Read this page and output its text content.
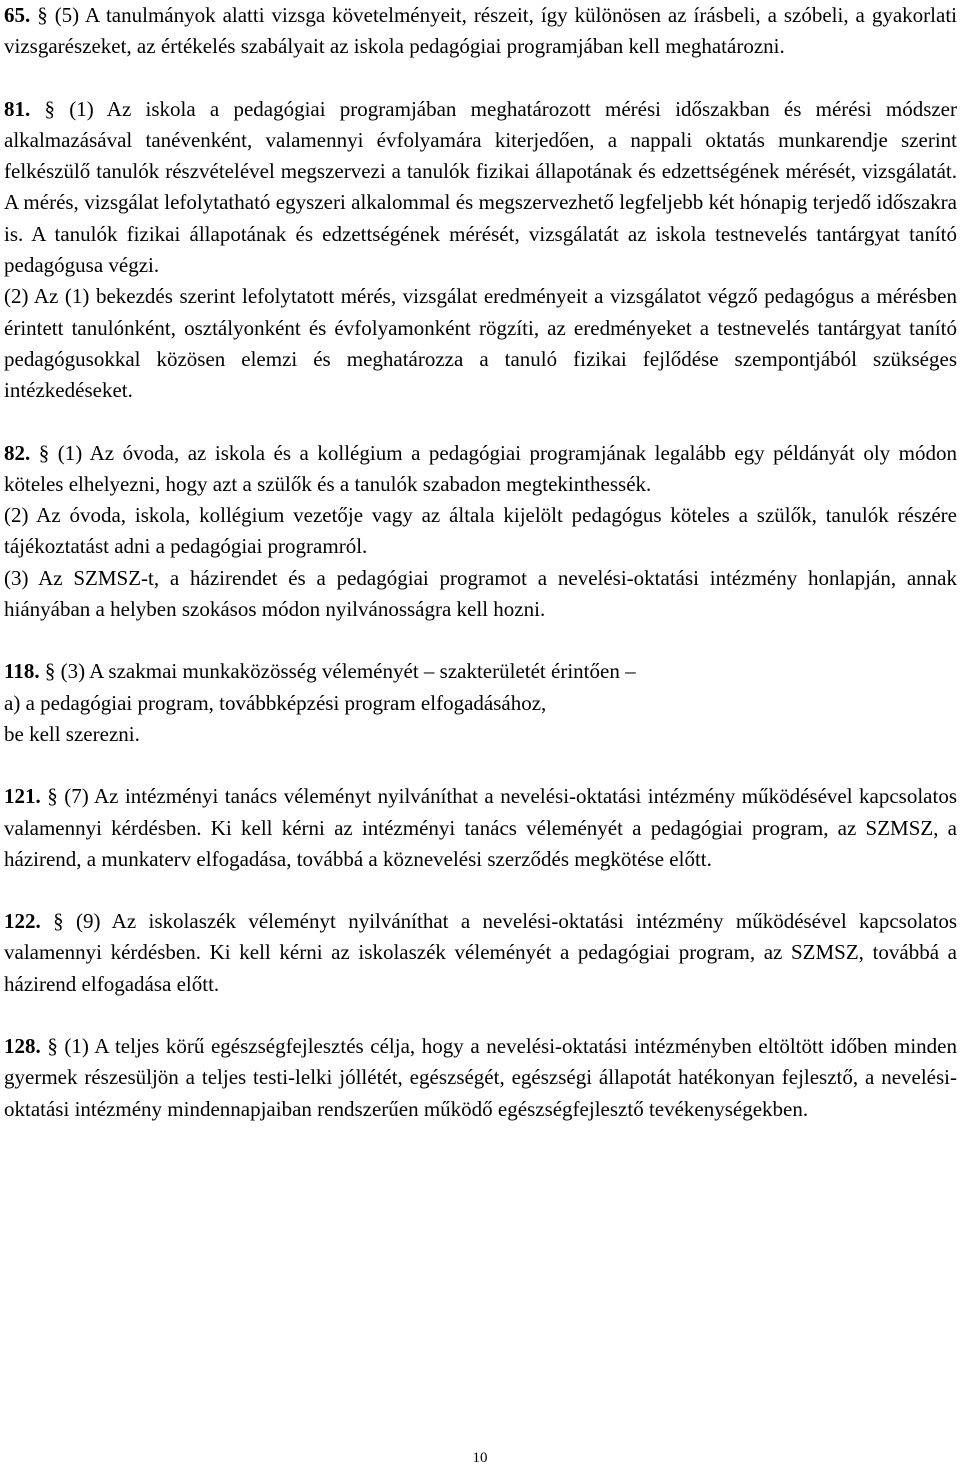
65. § (5) A tanulmányok alatti vizsga követelményeit, részeit, így különösen az írásbeli, a szóbeli, a gyakorlati vizsgarészeket, az értékelés szabályait az iskola pedagógiai programjában kell meghatározni.

81. § (1) Az iskola a pedagógiai programjában meghatározott mérési időszakban és mérési módszer alkalmazásával tanévenként, valamennyi évfolyamára kiterjedően, a nappali oktatás munkarendje szerint felkészülő tanulók részvételével megszervezi a tanulók fizikai állapotának és edzettségének mérését, vizsgálatát. A mérés, vizsgálat lefolytatható egyszeri alkalommal és megszervezhető legfeljebb két hónapig terjedő időszakra is. A tanulók fizikai állapotának és edzettségének mérését, vizsgálatát az iskola testnevelés tantárgyat tanító pedagógusa végzi.

(2) Az (1) bekezdés szerint lefolytatott mérés, vizsgálat eredményeit a vizsgálatot végző pedagógus a mérésben érintett tanulónként, osztályonként és évfolyamonként rögzíti, az eredményeket a testnevelés tantárgyat tanító pedagógusokkal közösen elemzi és meghatározza a tanuló fizikai fejlődése szempontjából szükséges intézkedéseket.

82. § (1) Az óvoda, az iskola és a kollégium a pedagógiai programjának legalább egy példányát oly módon köteles elhelyezni, hogy azt a szülők és a tanulók szabadon megtekinthessék.

(2) Az óvoda, iskola, kollégium vezetője vagy az általa kijelölt pedagógus köteles a szülők, tanulók részére tájékoztatást adni a pedagógiai programról.

(3) Az SZMSZ-t, a házirendet és a pedagógiai programot a nevelési-oktatási intézmény honlapján, annak hiányában a helyben szokásos módon nyilvánosságra kell hozni.

118. § (3) A szakmai munkaközösség véleményét – szakterületét érintően –

a) a pedagógiai program, továbbképzési program elfogadásához,

be kell szerezni.

121. § (7) Az intézményi tanács véleményt nyilváníthat a nevelési-oktatási intézmény működésével kapcsolatos valamennyi kérdésben. Ki kell kérni az intézményi tanács véleményét a pedagógiai program, az SZMSZ, a házirend, a munkaterv elfogadása, továbbá a köznevelési szerződés megkötése előtt.

122. § (9) Az iskolaszék véleményt nyilváníthat a nevelési-oktatási intézmény működésével kapcsolatos valamennyi kérdésben. Ki kell kérni az iskolaszék véleményét a pedagógiai program, az SZMSZ, továbbá a házirend elfogadása előtt.

128. § (1) A teljes körű egészségfejlesztés célja, hogy a nevelési-oktatási intézményben eltöltött időben minden gyermek részesüljön a teljes testi-lelki jóllétét, egészségét, egészségi állapotát hatékonyan fejlesztő, a nevelési-oktatási intézmény mindennapjaiban rendszerűen működő egészségfejlesztő tevékenységekben.

10
